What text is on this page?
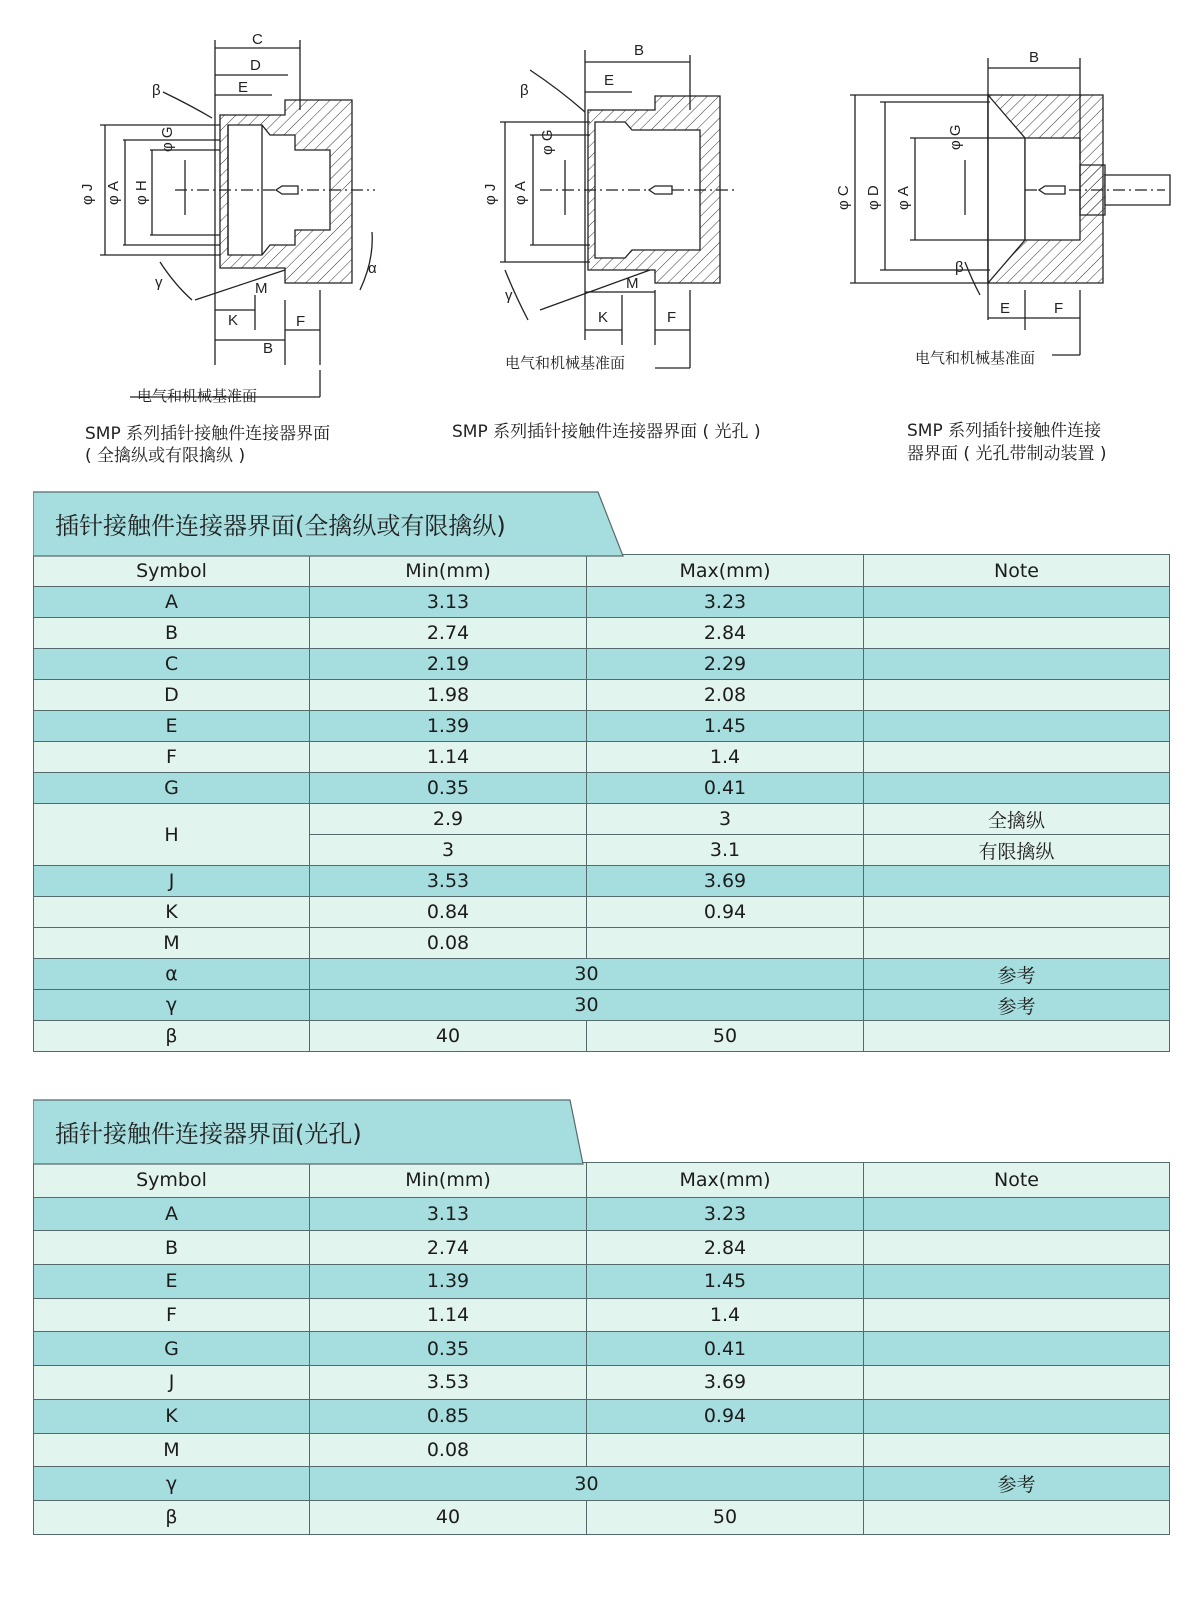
C
D
E
β
φ G
φ J φ A φ H
M
K	F
B
γ
α
B
E
β
φ G
φ J φ A
M
K	F
γ
B
φ G
φ C φ D φ A
β
E	F
电气和机械基准面
电气和机械基准面	电气和机械基准面
SMP 系列插针接触件连接器界面
( 全擒纵或有限擒纵 )
SMP 系列插针接触件连接器界面 ( 光孔 )	SMP 系列插针接触件连接
器界面 ( 光孔带制动装置 )
插针接触件连接器界面(全擒纵或有限擒纵)
Symbol	Min(mm)	Max(mm)	Note
A	3.13	3.23	
B	2.74	2.84	
C	2.19	2.29	
D	1.98	2.08	
E	1.39	1.45	
F	1.14	1.4	
G	0.35	0.41	
H	2.9	3	全擒纵
	3	3.1	有限擒纵
J	3.53	3.69	
K	0.84	0.94	
M	0.08		
α	30		参考
γ	30		参考
β	40	50	
插针接触件连接器界面(光孔)
Symbol	Min(mm)	Max(mm)	Note
A	3.13	3.23	
B	2.74	2.84	
E	1.39	1.45	
F	1.14	1.4	
G	0.35	0.41	
J	3.53	3.69	
K	0.85	0.94	
M	0.08		
γ	30		参考
β	40	50	
